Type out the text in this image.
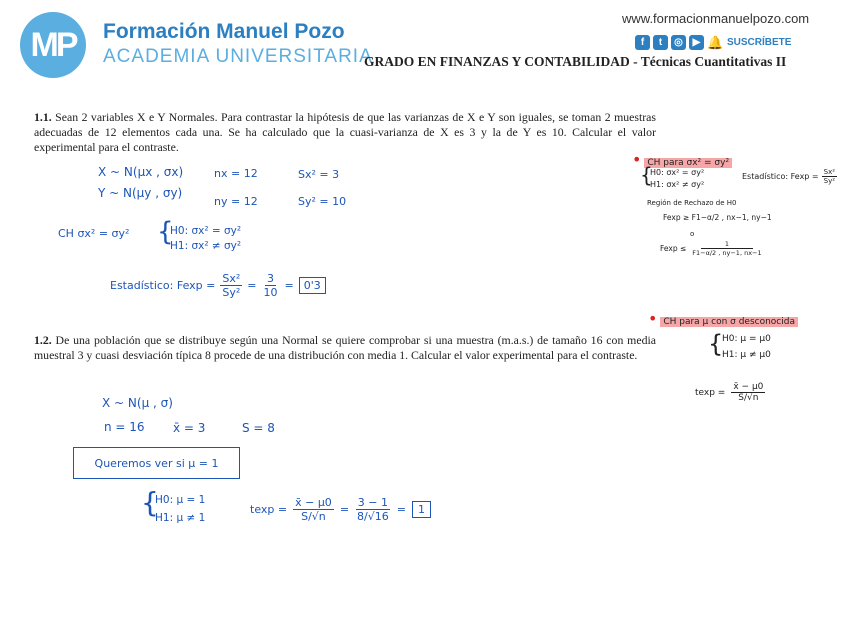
MP Formación Manuel Pozo
ACADEMIA UNIVERSITARIA
www.formacionmanuelpozo.com
f	t	◎ ▶ 🔔 SUSCRÍBETE
GRADO EN FINANZAS Y CONTABILIDAD - Técnicas Cuantitativas II
1.1. Sean 2 variables X e Y Normales. Para contrastar la hipótesis de que las varianzas de X e Y son iguales, se toman 2 muestras adecuadas de 12 elementos cada una. Se ha calculado que la cuasi-varianza de X es 3 y la de Y es 10. Calcular el valor experimental para el contraste.
X ~ N(μx , σx)
Y ~ N(μy , σy)
nx = 12
ny = 12
Sx² = 3
Sy² = 10
CH σx² = σy² {
H0: σx² = σy²
H1: σx² ≠ σy²
Estadístico: $Fexp = \frac{\text{Sx²}}{\text{Sy²}} = \frac{3}{10} = 0'3$
1.2. De una población que se distribuye según una Normal se quiere comprobar si una muestra (m.a.s.) de tamaño 16 con media muestral 3 y cuasi desviación típica 8 procede de una distribución con media 1. Calcular el valor experimental para el contraste.
X ~ N(μ , σ)
n = 16 x̄ = 3	S = 8
Queremos ver si μ = 1
{
H0: μ = 1
H1: μ ≠ 1
$texp = \frac{x̄ - \mu 0}{S/√n} = \frac{3 - 1}{8/√16}$ =	1
• CH para σx² = σy²
{
H0: σx² = σy²
H1: σx² ≠ σy²
Estadístico: $Fexp = \frac{\text{Sx²}}{\text{Sy²}}$
Región de Rechazo de H0
Fexp ≥ F1−α/2 , nx−1, ny−1
o
$Fexp \le \frac{1}{F1-\alpha/2 , ny-1, nx-1}$
• CH para μ con σ desconocida
{
H0: μ = μ0
H1: μ ≠ μ0
$texp = \frac{x̄ - \mu 0}{S/√n}$
